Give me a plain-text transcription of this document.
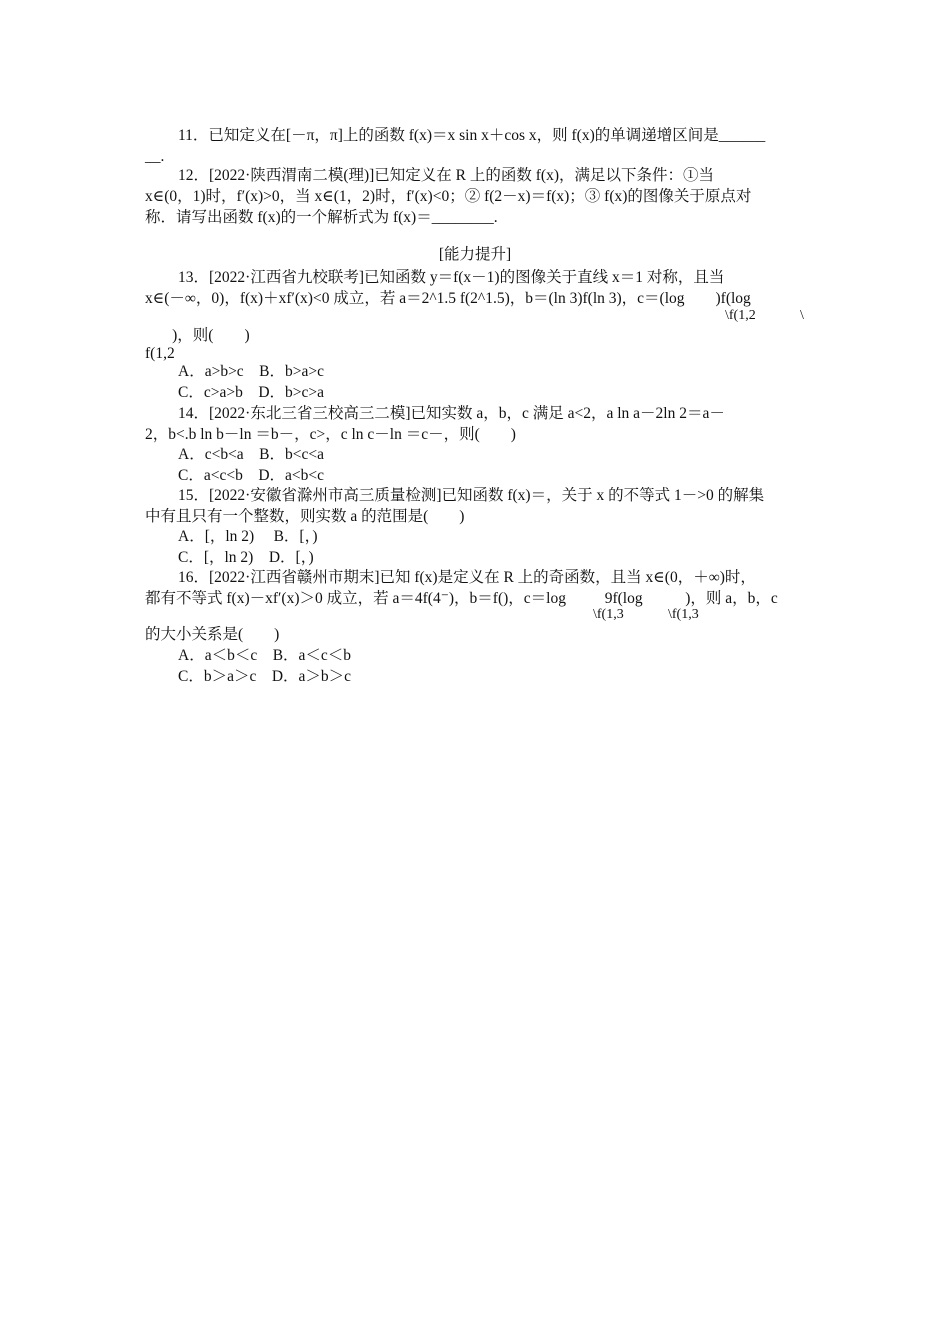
11．已知定义在[－π，π]上的函数 f(x)＝x sin x＋cos x，则 f(x)的单调递增区间是______
__.
12．[2022·陕西渭南二模(理)]已知定义在 R 上的函数 f(x)，满足以下条件：①当
x∈(0，1)时，f′(x)>0，当 x∈(1，2)时，f′(x)<0；② f(2－x)＝f(x)；③ f(x)的图像关于原点对
称．请写出函数 f(x)的一个解析式为 f(x)＝________.
[能力提升]
13．[2022·江西省九校联考]已知函数 y＝f(x－1)的图像关于直线 x＝1 对称，且当
x∈(－∞，0)，f(x)＋xf′(x)<0 成立，若 a＝2^1.5 f(2^1.5)，b＝(ln 3)f(ln 3)，c＝(log        )f(log
\f(1,2	\
)，则(        )
f(1,2
A．a>b>c    B．b>a>c
C．c>a>b    D．b>c>a
14．[2022·东北三省三校高三二模]已知实数 a，b，c 满足 a<2，a ln a－2ln 2＝a－
2，b<.b ln b－ln ＝b－，c>，c ln c－ln ＝c－，则(        )
A．c<b<a    B．b<c<a
C．a<c<b    D．a<b<c
15．[2022·安徽省滁州市高三质量检测]已知函数 f(x)＝，关于 x 的不等式 1－>0 的解集
中有且只有一个整数，则实数 a 的范围是(        )
A．[，ln 2)     B．[，)
C．[，ln 2)    D．[，)
16．[2022·江西省赣州市期末]已知 f(x)是定义在 R 上的奇函数，且当 x∈(0，＋∞)时，
都有不等式 f(x)－xf′(x)＞0 成立，若 a＝4f(4⁻)，b＝f()，c＝log          9f(log           )，则 a，b，c
\f(1,3	\f(1,3
的大小关系是(        )
A．a＜b＜c    B．a＜c＜b
C．b＞a＞c    D．a＞b＞c
